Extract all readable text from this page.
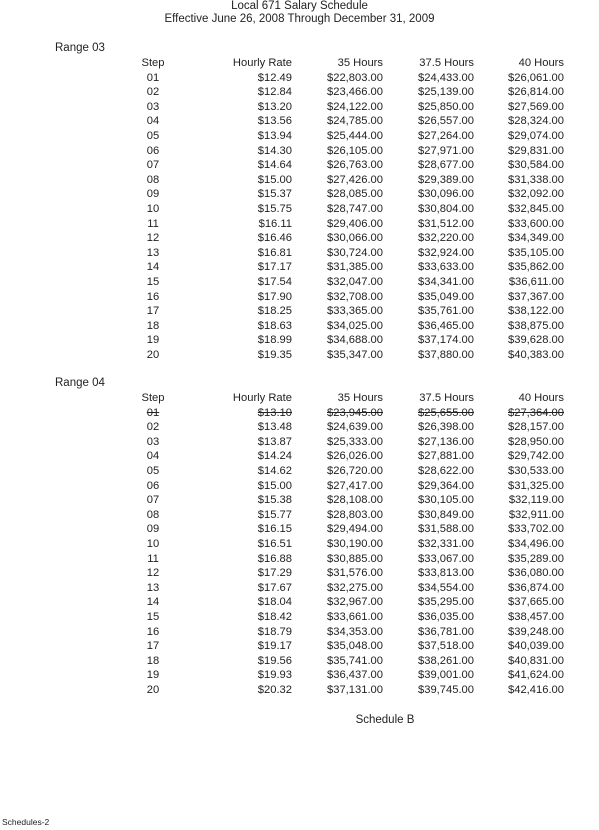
Local 671 Salary Schedule
Effective June 26, 2008 Through December 31, 2009
Range 03
Step	Hourly Rate	35 Hours	37.5 Hours	40 Hours
01	$12.49	$22,803.00	$24,433.00	$26,061.00
02	$12.84	$23,466.00	$25,139.00	$26,814.00
03	$13.20	$24,122.00	$25,850.00	$27,569.00
04	$13.56	$24,785.00	$26,557.00	$28,324.00
05	$13.94	$25,444.00	$27,264.00	$29,074.00
06	$14.30	$26,105.00	$27,971.00	$29,831.00
07	$14.64	$26,763.00	$28,677.00	$30,584.00
08	$15.00	$27,426.00	$29,389.00	$31,338.00
09	$15.37	$28,085.00	$30,096.00	$32,092.00
10	$15.75	$28,747.00	$30,804.00	$32,845.00
11	$16.11	$29,406.00	$31,512.00	$33,600.00
12	$16.46	$30,066.00	$32,220.00	$34,349.00
13	$16.81	$30,724.00	$32,924.00	$35,105.00
14	$17.17	$31,385.00	$33,633.00	$35,862.00
15	$17.54	$32,047.00	$34,341.00	$36,611.00
16	$17.90	$32,708.00	$35,049.00	$37,367.00
17	$18.25	$33,365.00	$35,761.00	$38,122.00
18	$18.63	$34,025.00	$36,465.00	$38,875.00
19	$18.99	$34,688.00	$37,174.00	$39,628.00
20	$19.35	$35,347.00	$37,880.00	$40,383.00
Range 04
Step	Hourly Rate	35 Hours	37.5 Hours	40 Hours
01	$13.10	$23,945.00	$25,655.00	$27,364.00
02	$13.48	$24,639.00	$26,398.00	$28,157.00
03	$13.87	$25,333.00	$27,136.00	$28,950.00
04	$14.24	$26,026.00	$27,881.00	$29,742.00
05	$14.62	$26,720.00	$28,622.00	$30,533.00
06	$15.00	$27,417.00	$29,364.00	$31,325.00
07	$15.38	$28,108.00	$30,105.00	$32,119.00
08	$15.77	$28,803.00	$30,849.00	$32,911.00
09	$16.15	$29,494.00	$31,588.00	$33,702.00
10	$16.51	$30,190.00	$32,331.00	$34,496.00
11	$16.88	$30,885.00	$33,067.00	$35,289.00
12	$17.29	$31,576.00	$33,813.00	$36,080.00
13	$17.67	$32,275.00	$34,554.00	$36,874.00
14	$18.04	$32,967.00	$35,295.00	$37,665.00
15	$18.42	$33,661.00	$36,035.00	$38,457.00
16	$18.79	$34,353.00	$36,781.00	$39,248.00
17	$19.17	$35,048.00	$37,518.00	$40,039.00
18	$19.56	$35,741.00	$38,261.00	$40,831.00
19	$19.93	$36,437.00	$39,001.00	$41,624.00
20	$20.32	$37,131.00	$39,745.00	$42,416.00
Schedule B
Schedules-2
